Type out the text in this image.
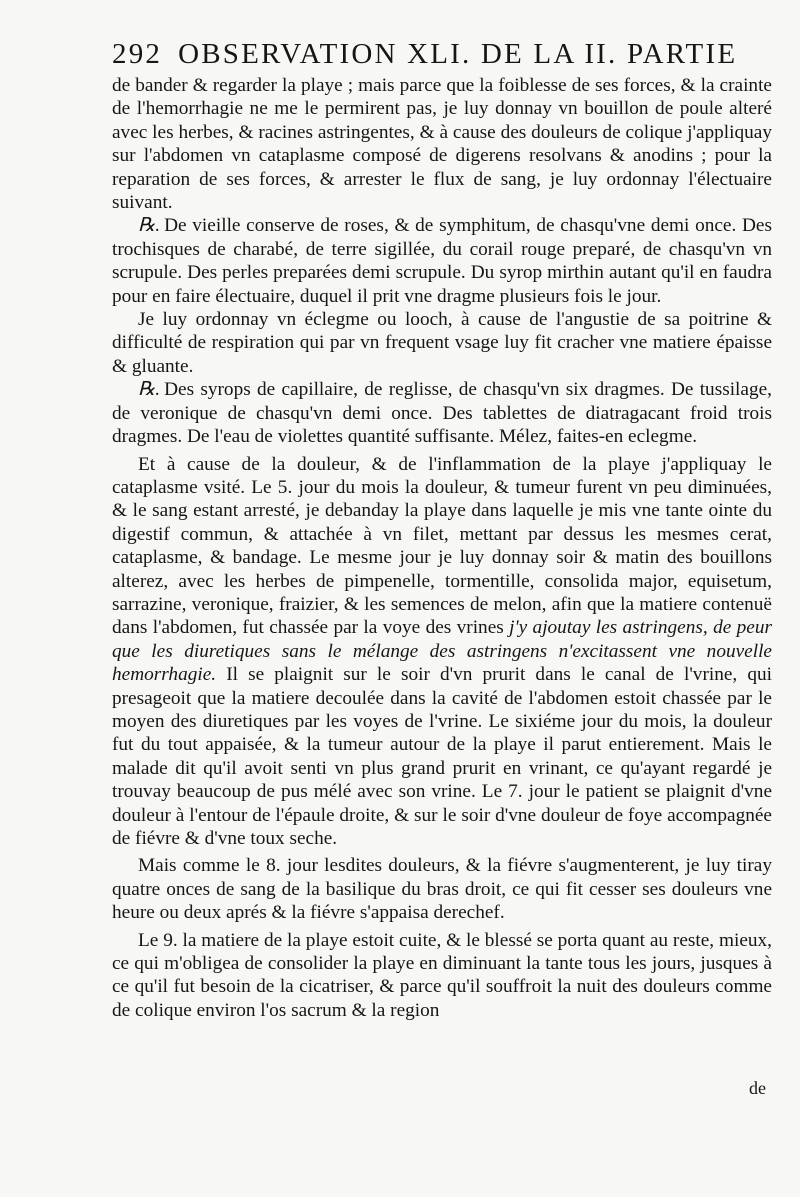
292 OBSERVATION XLI. DE LA II. PARTIE

de bander & regarder la playe ; mais parce que la foiblesse de ses forces, & la crainte de l'hemorrhagie ne me le permirent pas, je luy donnay vn bouillon de poule alteré avec les herbes, & racines astringentes, & à cause des douleurs de colique j'appliquay sur l'abdomen vn cataplasme composé de digerens resolvans & anodins ; pour la reparation de ses forces, & arrester le flux de sang, je luy ordonnay l'électuaire suivant.

℞. De vieille conserve de roses, & de symphitum, de chasqu'vne demi once. Des trochisques de charabé, de terre sigillée, du corail rouge preparé, de chasqu'vn vn scrupule. Des perles preparées demi scrupule. Du syrop mirthin autant qu'il en faudra pour en faire électuaire, duquel il prit vne dragme plusieurs fois le jour.

Je luy ordonnay vn éclegme ou looch, à cause de l'angustie de sa poitrine & difficulté de respiration qui par vn frequent vsage luy fit cracher vne matiere épaisse & gluante.

℞. Des syrops de capillaire, de reglisse, de chasqu'vn six dragmes. De tussilage, de veronique de chasqu'vn demi once. Des tablettes de diatragacant froid trois dragmes. De l'eau de violettes quantité suffisante. Mélez, faites-en eclegme.

Et à cause de la douleur, & de l'inflammation de la playe j'appliquay le cataplasme vsité. Le 5. jour du mois la douleur, & tumeur furent vn peu diminuées, & le sang estant arresté, je debanday la playe dans laquelle je mis vne tante ointe du digestif commun, & attachée à vn filet, mettant par dessus les mesmes cerat, cataplasme, & bandage. Le mesme jour je luy donnay soir & matin des bouillons alterez, avec les herbes de pimpenelle, tormentille, consolida major, equisetum, sarrazine, veronique, fraizier, & les semences de melon, afin que la matiere contenuë dans l'abdomen, fut chassée par la voye des vrines j'y ajoutay les astringens, de peur que les diuretiques sans le mélange des astringens n'excitassent vne nouvelle hemorrhagie. Il se plaignit sur le soir d'vn prurit dans le canal de l'vrine, qui presageoit que la matiere decoulée dans la cavité de l'abdomen estoit chassée par le moyen des diuretiques par les voyes de l'vrine. Le sixiéme jour du mois, la douleur fut du tout appaisée, & la tumeur autour de la playe il parut entierement. Mais le malade dit qu'il avoit senti vn plus grand prurit en vrinant, ce qu'ayant regardé je trouvay beaucoup de pus mélé avec son vrine. Le 7. jour le patient se plaignit d'vne douleur à l'entour de l'épaule droite, & sur le soir d'vne douleur de foye accompagnée de fiévre & d'vne toux seche.

Mais comme le 8. jour lesdites douleurs, & la fiévre s'augmenterent, je luy tiray quatre onces de sang de la basilique du bras droit, ce qui fit cesser ses douleurs vne heure ou deux aprés & la fiévre s'appaisa derechef.

Le 9. la matiere de la playe estoit cuite, & le blessé se porta quant au reste, mieux, ce qui m'obligea de consolider la playe en diminuant la tante tous les jours, jusques à ce qu'il fut besoin de la cicatriser, & parce qu'il souffroit la nuit des douleurs comme de colique environ l'os sacrum & la region

de
